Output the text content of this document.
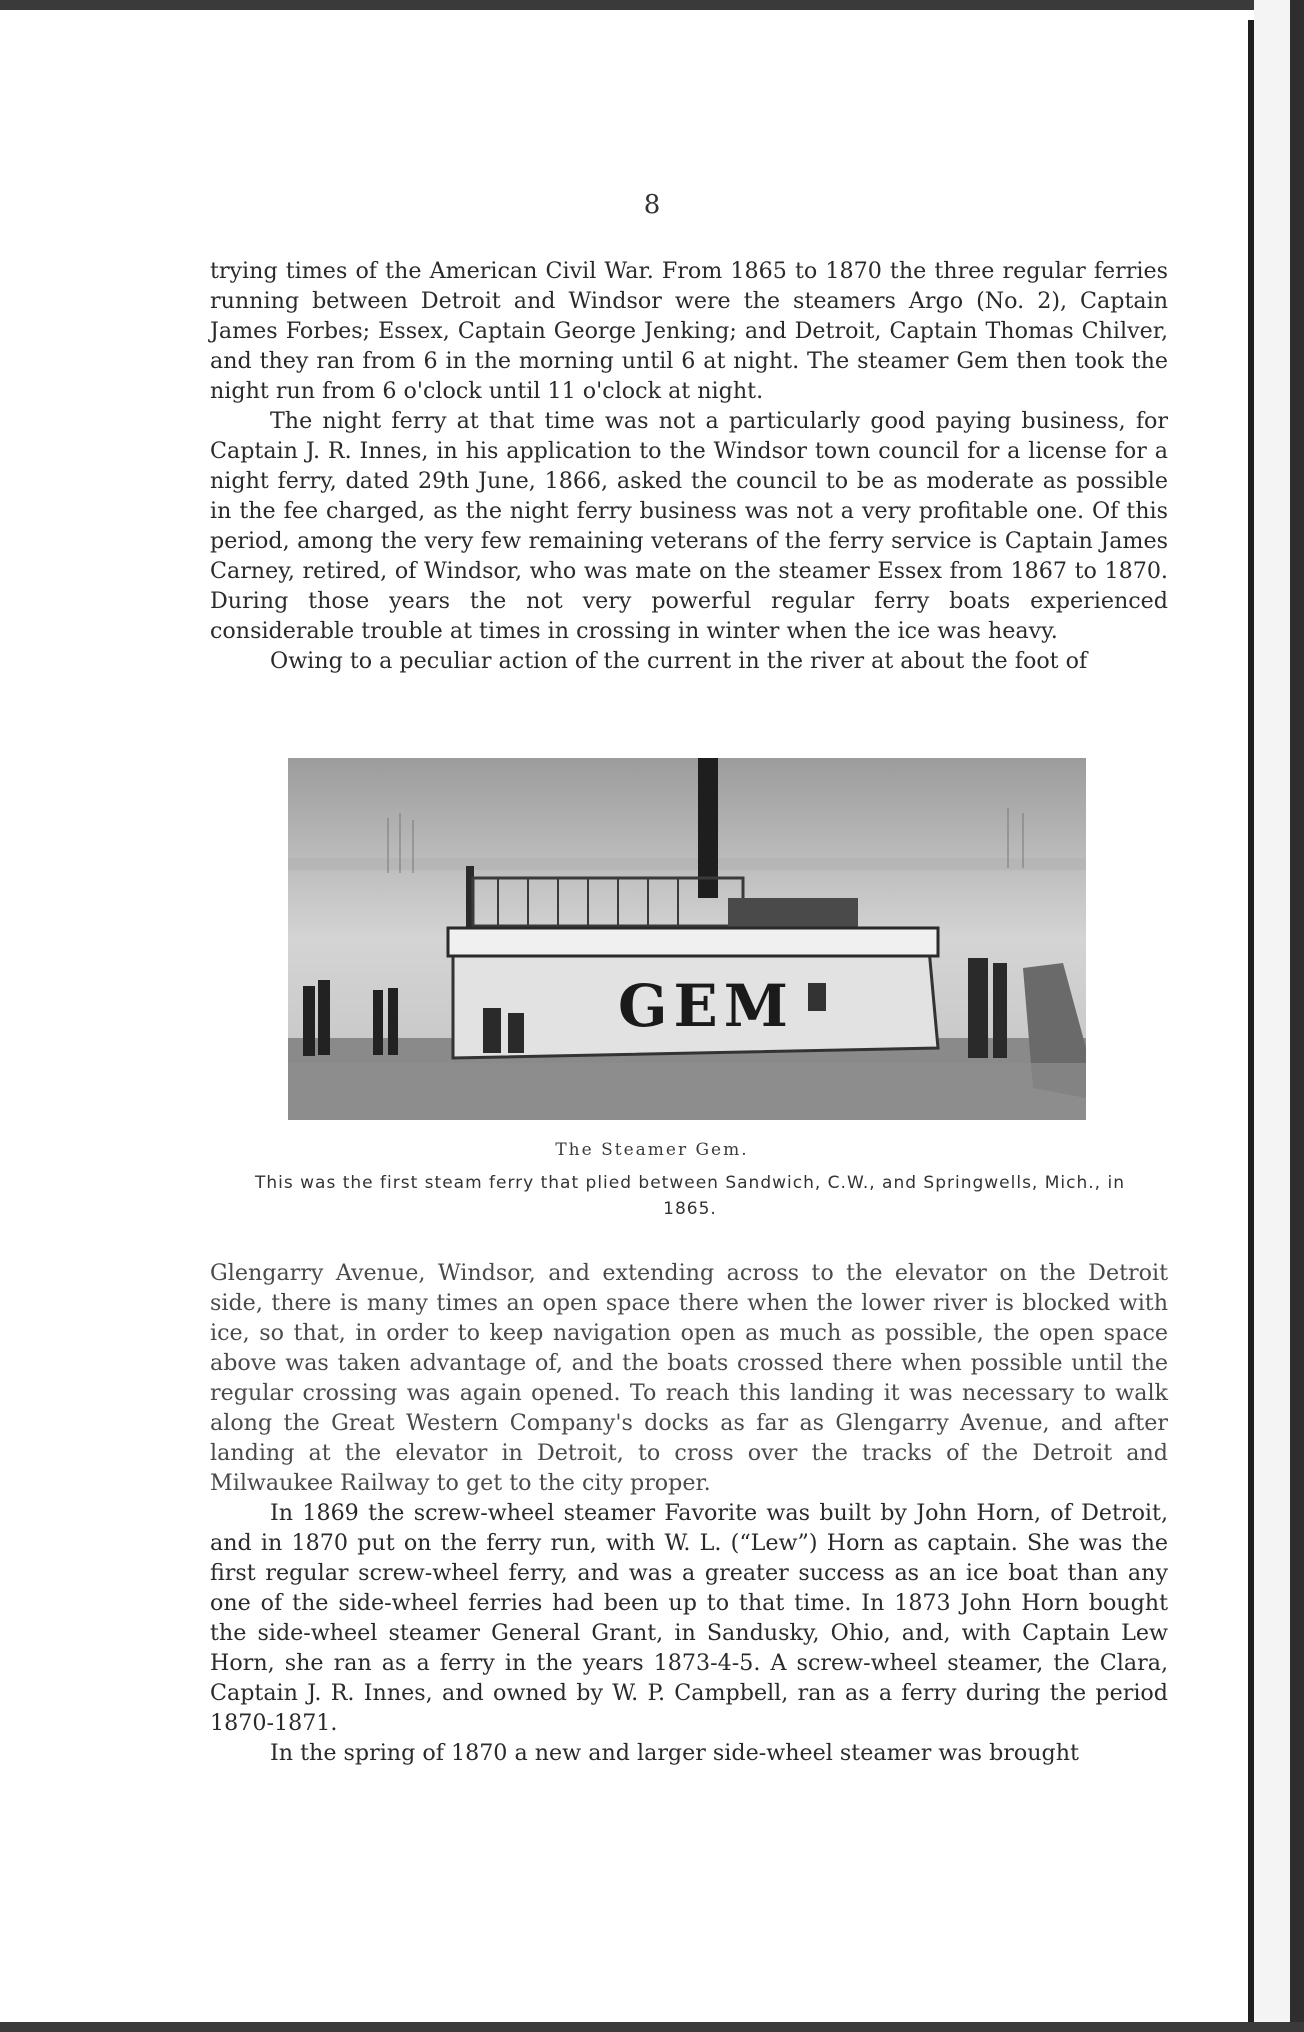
8

trying times of the American Civil War. From 1865 to 1870 the three regular ferries running between Detroit and Windsor were the steamers Argo (No. 2), Captain James Forbes; Essex, Captain George Jenking; and Detroit, Captain Thomas Chilver, and they ran from 6 in the morning until 6 at night. The steamer Gem then took the night run from 6 o'clock until 11 o'clock at night.

The night ferry at that time was not a particularly good paying business, for Captain J. R. Innes, in his application to the Windsor town council for a license for a night ferry, dated 29th June, 1866, asked the council to be as moderate as possible in the fee charged, as the night ferry business was not a very profitable one. Of this period, among the very few remaining veterans of the ferry service is Captain James Carney, retired, of Windsor, who was mate on the steamer Essex from 1867 to 1870. During those years the not very powerful regular ferry boats experienced considerable trouble at times in crossing in winter when the ice was heavy.

Owing to a peculiar action of the current in the river at about the foot of

GEM
The Steamer Gem.
This was the first steam ferry that plied between Sandwich, C.W., and Springwells, Mich., in 1865.

Glengarry Avenue, Windsor, and extending across to the elevator on the Detroit side, there is many times an open space there when the lower river is blocked with ice, so that, in order to keep navigation open as much as possible, the open space above was taken advantage of, and the boats crossed there when possible until the regular crossing was again opened. To reach this landing it was necessary to walk along the Great Western Company's docks as far as Glengarry Avenue, and after landing at the elevator in Detroit, to cross over the tracks of the Detroit and Milwaukee Railway to get to the city proper.

In 1869 the screw-wheel steamer Favorite was built by John Horn, of Detroit, and in 1870 put on the ferry run, with W. L. (“Lew”) Horn as captain. She was the first regular screw-wheel ferry, and was a greater success as an ice boat than any one of the side-wheel ferries had been up to that time. In 1873 John Horn bought the side-wheel steamer General Grant, in Sandusky, Ohio, and, with Captain Lew Horn, she ran as a ferry in the years 1873-4-5. A screw-wheel steamer, the Clara, Captain J. R. Innes, and owned by W. P. Campbell, ran as a ferry during the period 1870-1871.

In the spring of 1870 a new and larger side-wheel steamer was brought
